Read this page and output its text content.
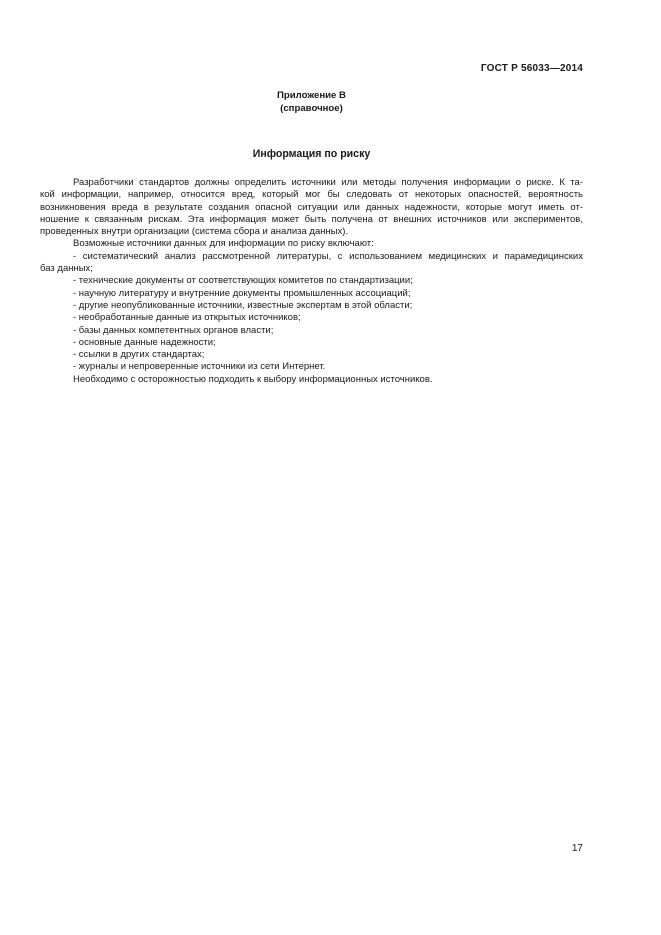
ГОСТ Р 56033—2014
Приложение В
(справочное)
Информация по риску
Разработчики стандартов должны определить источники или методы получения информации о риске. К та-
кой информации, например, относится вред, который мог бы следовать от некоторых опасностей, вероятность
возникновения вреда в результате создания опасной ситуации или данных надежности, которые могут иметь от-
ношение к связанным рискам. Эта информация может быть получена от внешних источников или экспериментов,
проведенных внутри организации (система сбора и анализа данных).
Возможные источники данных для информации по риску включают:
- систематический анализ рассмотренной литературы, с использованием медицинских и парамедицинских
баз данных;
- технические документы от соответствующих комитетов по стандартизации;
- научную литературу и внутренние документы промышленных ассоциаций;
- другие неопубликованные источники, известные экспертам в этой области;
- необработанные данные из открытых источников;
- базы данных компетентных органов власти;
- основные данные надежности;
- ссылки в других стандартах;
- журналы и непроверенные источники из сети Интернет.
Необходимо с осторожностью подходить к выбору информационных источников.
17
